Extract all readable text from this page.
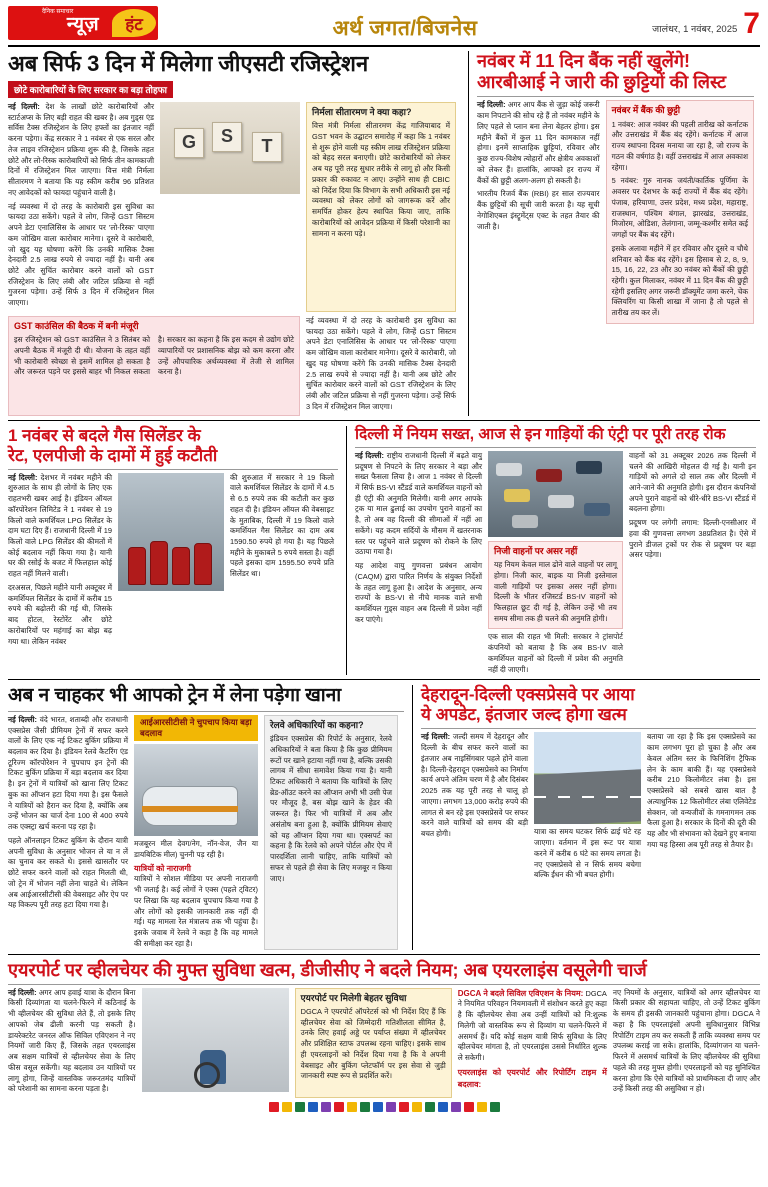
दैनिक समाचार
न्यूज़	हंट	अर्थ जगत/बिजनेस	जालंधर, 1 नवंबर, 2025 7
अब सिर्फ 3 दिन में मिलेगा जीएसटी रजिस्ट्रेशन
छोटे कारोबारियों के लिए सरकार का बड़ा तोहफा

नई दिल्ली: देश के लाखों छोटे कारोबारियों और स्टार्टअप्स के लिए बड़ी राहत की खबर है। अब गुड्स एंड सर्विस टैक्स रजिस्ट्रेशन के लिए हफ्तों का इंतजार नहीं करना पड़ेगा। केंद्र सरकार ने 1 नवंबर से एक सरल और तेज लाइव रजिस्ट्रेशन प्रक्रिया शुरू की है, जिसके तहत छोटे और लो-रिस्क कारोबारियों को सिर्फ तीन कामकाजी दिनों में रजिस्ट्रेशन मिल जाएगा। वित्त मंत्री निर्मला सीतारमण ने बताया कि यह स्कीम करीब 96 प्रतिशत नए आवेदकों को फायदा पहुंचाने वाली है।

नई व्यवस्था में दो तरह के कारोबारी इस सुविधा का फायदा उठा सकेंगे। पहले वे लोग, जिन्हें GST सिस्टम अपने डेटा एनालिसिस के आधार पर 'लो-रिस्क' पाएगा कम जोखिम वाला कारोबार मानेगा। दूसरे वे कारोबारी, जो खुद यह घोषणा करेंगे कि उनकी मासिक टैक्स देनदारी 2.5 लाख रुपये से ज्यादा नहीं है। यानी अब छोटे और सुचिंत कारोबार करने वालों को GST रजिस्ट्रेशन के लिए लंबी और जटिल प्रक्रिया से नहीं गुजरना पड़ेगा। उन्हें सिर्फ 3 दिन में रजिस्ट्रेशन मिल जाएगा।

G	S	T
निर्मला सीतारमण ने क्या कहा?
वित्त मंत्री निर्मला सीतारमण केंद्र गाजियाबाद में GST भवन के उद्घाटन समारोह में कहा कि 1 नवंबर से शुरू होने वाली यह स्कीम लाख रजिस्ट्रेशन प्रक्रिया को बेहद सरल बनाएगी। छोटे कारोबारियों को लेकर अब यह पूरी तरह सुधार तरीके से लागू हो और किसी प्रकार की रुकावट न आए। उन्होंने साथ ही CBIC को निर्देश दिया कि विभाग के सभी अधिकारी इस नई व्यवस्था को लेकर लोगों को जागरूक करें और समर्पित होकर हेल्प स्थापित किया जाए, ताकि कारोबारियों को आवेदन प्रक्रिया में किसी परेशानी का सामना न करना पड़े।
GST काउंसिल की बैठक में बनी मंजूरी
इस रजिस्ट्रेशन को GST काउंसिल ने 3 सितंबर को अपनी बैठक में मंजूरी दी थी। योजना के तहत वहीं भी कारोबारी स्वेच्छा से इसमें शामिल हो सकता है और जरूरत पड़ने पर इससे बाहर भी निकल सकता है। सरकार का कहना है कि इस कदम से उद्योग छोटे व्यापारियों पर प्रशासनिक बोझ को कम करना और उन्हें औपचारिक अर्थव्यवस्था में तेजी से शामिल करना है।

नई व्यवस्था में दो तरह के कारोबारी इस सुविधा का फायदा उठा सकेंगे। पहले वे लोग, जिन्हें GST सिस्टम अपने डेटा एनालिसिस के आधार पर 'लो-रिस्क' पाएगा कम जोखिम वाला कारोबार मानेगा। दूसरे वे कारोबारी, जो खुद यह घोषणा करेंगे कि उनकी मासिक टैक्स देनदारी 2.5 लाख रुपये से ज्यादा नहीं है। यानी अब छोटे और सुचिंत कारोबार करने वालों को GST रजिस्ट्रेशन के लिए लंबी और जटिल प्रक्रिया से नहीं गुजरना पड़ेगा। उन्हें सिर्फ 3 दिन में रजिस्ट्रेशन मिल जाएगा।

नवंबर में 11 दिन बैंक नहीं खुलेंगे!
आरबीआई ने जारी की छुट्टियों की लिस्ट

नई दिल्ली: अगर आप बैंक से जुड़ा कोई जरूरी काम निपटाने की सोच रहे हैं तो नवंबर महीने के लिए पहले से प्लान बना लेना बेहतर होगा। इस महीने बैंकों में कुल 11 दिन कामकाज नहीं होगा। इनमें साप्ताहिक छुट्टियां, रविवार और कुछ राज्य-विशेष त्योहारों और क्षेत्रीय अवकाशों को लेकर हैं। हालांकि, आपको हर राज्य में बैंकों की छुट्टी अलग-अलग हो सकती है।

भारतीय रिजर्व बैंक (RBI) हर साल राज्यवार बैंक छुट्टियों की सूची जारी करता है। यह सूची नेगोशिएबल इंस्ट्रूमेंट्स एक्ट के तहत तैयार की जाती है।

नवंबर में बैंक की छुट्टी
1 नवंबर: आज नवंबर की पहली तारीख को कर्नाटक और उत्तराखंड में बैंक बंद रहेंगे। कर्नाटक में आज राज्य स्थापना दिवस मनाया जा रहा है, जो राज्य के गठन की वर्षगांठ है। वहीं उत्तराखंड में आज अवकाश रहेगा।
5 नवंबर: गुरु नानक जयंती/कार्तिक पूर्णिमा के अवसर पर देशभर के कई राज्यों में बैंक बंद रहेंगे। पंजाब, हरियाणा, उत्तर प्रदेश, मध्य प्रदेश, महाराष्ट्र, राजस्थान, पश्चिम बंगाल, झारखंड, उत्तराखंड, मिजोरम, ओडिशा, तेलंगाना, जम्मू-कश्मीर समेत कई जगहों पर बैंक बंद रहेंगे।
इसके अलावा महीने में हर रविवार और दूसरे व चौथे शनिवार को बैंक बंद रहेंगे। इस हिसाब से 2, 8, 9, 15, 16, 22, 23 और 30 नवंबर को बैंकों की छुट्टी रहेगी। कुल मिलाकर, नवंबर में 11 दिन बैंक की छुट्टी रहेगी इसलिए अगर जरूरी डॉक्यूमेंट जमा करने, चेक क्लियरिंग या किसी शाखा में जाना है तो पहले से तारीख तय कर लें।
1 नवंबर से बदले गैस सिलेंडर के
रेट, एलपीजी के दामों में हुई कटौती

नई दिल्ली: देशभर में नवंबर महीने की शुरुआत के साथ ही लोगों के लिए एक राहतभरी खबर आई है। इंडियन ऑयल कॉरपोरेशन लिमिटेड ने 1 नवंबर से 19 किलो वाले कमर्शियल LPG सिलेंडर के दाम घटा दिए हैं। राजधानी दिल्ली में 19 किलो वाले LPG सिलेंडर की कीमतों में कोई बदलाव नहीं किया गया है। यानी घर की रसोई के बजट में फिलहाल कोई राहत नहीं मिलने वाली।

दरअसल, पिछले महीने यानी अक्टूबर में कमर्शियल सिलेंडर के दामों में करीब 15 रुपये की बढ़ोतरी की गई थी, जिसके बाद होटल, रेस्टोरेंट और छोटे कारोबारियों पर महंगाई का बोझ बढ़ गया था। लेकिन नवंबर

की शुरुआत में सरकार ने 19 किलो वाले कमर्शियल सिलेंडर के दामों में 4.5 से 6.5 रुपये तक की कटौती कर कुछ राहत दी है। इंडियन ऑयल की वेबसाइट के मुताबिक, दिल्ली में 19 किलो वाले कमर्शियल गैस सिलेंडर का दाम अब 1590.50 रुपये हो गया है। यह पिछले महीने के मुकाबले 5 रुपये सस्ता है। वहीं पहले इसका दाम 1595.50 रुपये प्रति सिलेंडर था।

दिल्ली में नियम सख्त, आज से इन गाड़ियों की एंट्री पर पूरी तरह रोक

नई दिल्ली: राष्ट्रीय राजधानी दिल्ली में बढ़ते वायु प्रदूषण से निपटने के लिए सरकार ने बड़ा और सख्त फैसला लिया है। आज 1 नवंबर से दिल्ली में सिर्फ BS-VI स्टैंडर्ड वाले कमर्शियल वाहनों को ही एंट्री की अनुमति मिलेगी। यानी अगर आपके ट्रक या माल ढुलाई का उपयोग पुराने वाहनों का है, तो अब वह दिल्ली की सीमाओं में नहीं आ सकेंगे। यह कदम सर्दियों के मौसम में खतरनाक स्तर पर पहुंचने वाले प्रदूषण को रोकने के लिए उठाया गया है।

यह आदेश वायु गुणवत्ता प्रबंधन आयोग (CAQM) द्वारा पारित निर्णय के संयुक्त निर्देशों के तहत लागू हुआ है। आदेश के अनुसार, अन्य राज्यों के BS-VI से नीचे मानक वाले सभी कमर्शियल गुड्स वाहन अब दिल्ली में प्रवेश नहीं कर पाएंगे।

निजी वाहनों पर असर नहीं
यह नियम केवल माल ढोने वाले वाहनों पर लागू होगा। निजी कार, बाइक या निजी इस्तेमाल वाली गाड़ियों पर इसका असर नहीं होगा। दिल्ली के भीतर रजिस्टर्ड BS-IV वाहनों को फिलहाल छूट दी गई है, लेकिन उन्हें भी तय समय सीमा तक ही चलने की अनुमति होगी।
एक साल की राहत भी मिली: सरकार ने ट्रांसपोर्ट कंपनियों को बताया है कि अब BS-IV वाले कमर्शियल वाहनों को दिल्ली में प्रवेश की अनुमति नहीं दी जाएगी।

वाहनों को 31 अक्टूबर 2026 तक दिल्ली में चलने की आखिरी मोहलत दी गई है। यानी इन गाड़ियों को अगले दो साल तक और दिल्ली में आने-जाने की अनुमति होगी। इस दौरान कंपनियों अपने पुराने वाहनों को धीरे-धीरे BS-VI स्टैंडर्ड में बदलना होगा।

प्रदूषण पर लगेगी लगाम: दिल्ली-एनसीआर में हवा की गुणवत्ता लगभग 38प्रतिशत है। ऐसे में पुराने डीजल ट्रकों पर रोक से प्रदूषण पर बड़ा असर पड़ेगा।

अब न चाहकर भी आपको ट्रेन में लेना पड़ेगा खाना

नई दिल्ली: वंदे भारत, शताब्दी और राजधानी एक्सप्रेस जैसी प्रीमियम ट्रेनों में सफर करने वालों के लिए एक नई टिकट बुकिंग प्रक्रिया में बदलाव कर दिया है। इंडियन रेलवे कैटरिंग एंड टूरिज्म कॉरपोरेशन ने चुपचाप इन ट्रेनों की टिकट बुकिंग प्रक्रिया में बड़ा बदलाव कर दिया है। इन ट्रेनों में यात्रियों को खाना लिए टिकट बुक का ऑप्शन हटा दिया गया है। इस फैसले ने यात्रियों को हैरान कर दिया है, क्योंकि अब उन्हें भोजन का चार्ज देना 100 से 400 रुपये तक एक्स्ट्रा खर्च करना पड़ रहा है।

पहले ऑनलाइन टिकट बुकिंग के दौरान यात्री अपनी सुविधा के अनुसार भोजन ले या न लें का चुनाव कर सकते थे। इससे खासतौर पर छोटे सफर करने वालों को राहत मिलती थी, जो ट्रेन में भोजन नहीं लेना चाहते थे। लेकिन अब आईआरसीटीसी की वेबसाइट और ऐप पर यह विकल्प पूरी तरह हटा दिया गया है।

आईआरसीटीसी ने चुपचाप किया बड़ा बदलाव
मजबूरन मील देवग/नेग, नॉन-वेज, जैन या डायबिटिक मील) चुननी पड़ रही है।
यात्रियों को नाराजगी
यात्रियों ने सोशल मीडिया पर अपनी नाराजगी भी जताई है। कई लोगों ने एक्स (पहले ट्विटर) पर लिखा कि यह बदलाव चुपचाप किया गया है और लोगों को इसकी जानकारी तक नहीं दी गई। यह मामला रेल मंत्रालय तक भी पहुंचा है। इसके जवाब में रेलवे ने कहा है कि वह मामले की समीक्षा कर रहा है।
रेलवे अधिकारियों का कहना?
इंडियन एक्सप्रेस की रिपोर्ट के अनुसार, रेलवे अधिकारियों ने बता किया है कि कुछ प्रीमियम रूटों पर खाने हटाया नहीं गया है, बल्कि उसकी लागब में सीधा समावेश किया गया है। यानी टिकट अधिकारी ने बताया कि यात्रियों के लिए ब्रेड-ऑउट करने का ऑप्शन अभी भी उसी पेज पर मौजूद है, बस बोझ खाने के हेडर की जरूरत है। फिर भी यात्रियों में अब और असंतोष बना हुआ है, क्योंकि प्रीमियम सेवाएं को यह ऑप्शन दिया गया था। एक्सपर्ट का कहना है कि रेलवे को अपने पोर्टल और ऐप में पारदर्शिता लानी चाहिए, ताकि यात्रियों को सफर से पहले ही सेवा के लिए मजबूर न किया जाए।
देहरादून-दिल्ली एक्सप्रेसवे पर आया
ये अपडेट, इंतजार जल्द होगा खत्म

नई दिल्ली: जल्दी समय में देहरादून और दिल्ली के बीच सफर करने वालों का इंतजार अब नाइसिंगबार पहले होने वाला है। दिल्ली-देहरादून एक्सप्रेसवे का निर्माण कार्य अपने अंतिम चरण में है और दिसंबर 2025 तक यह पूरी तरह से चालू हो जाएगा। लगभग 13,000 करोड़ रुपये की लागत से बन रहे इस एक्सप्रेसवे पर सफर करने वाले यात्रियों को समय की बड़ी बचत होगी।	यात्रा का समय घटकर सिर्फ ढाई घंटे रह जाएगा। वर्तमान में इस रूट पर यात्रा करने में करीब 6 घंटे का समय लगता है। नए एक्सप्रेसवे से न सिर्फ समय बचेगा बल्कि ईंधन की भी बचत होगी।

बताया जा रहा है कि इस एक्सप्रेसवे का काम लगभग पूरा हो चुका है और अब केवल अंतिम स्तर के फिनिशिंग ट्रैफिक लेन के काम बाकी हैं। यह एक्सप्रेसवे करीब 210 किलोमीटर लंबा है। इस एक्सप्रेसवे को सबसे खास बात है अत्याधुनिक 12 किलोमीटर लंबा एलिवेटेड सेक्शन, जो वन्यजीवों के गमनागमन तक फैला हुआ है। सरकार के दिनों की दूरी की यह और भी संभावना को देखने हुए बनाया गया यह हिस्सा अब पूरी तरह से तैयार है।

एयरपोर्ट पर व्हीलचेयर की मुफ्त सुविधा खत्म, डीजीसीए ने बदले नियम; अब एयरलाइंस वसूलेगी चार्ज

नई दिल्ली: अगर आप हवाई यात्रा के दौरान बिना किसी दिव्यांगता या चलने-फिरने में कठिनाई के भी व्हीलचेयर की सुविधा लेते हैं, तो इसके लिए आपको जेब ढीली करनी पड़ सकती है। डायरेक्टरेट जनरल ऑफ सिविल एविएशन ने नए नियमों जारी किए हैं, जिसके तहत एयरलाइंस अब सक्षम यात्रियों से व्हीलचेयर सेवा के लिए फीस वसूल सकेंगी। यह बदलाव उन यात्रियों पर लागू होगा, जिन्हें वास्तविक जरूरतमंद यात्रियों को परेशानी का सामना करना पड़ता है।

एयरपोर्ट पर मिलेगी बेहतर सुविधा
DGCA ने एयरपोर्ट ऑपरेटर्स को भी निर्देश दिए हैं कि व्हीलचेयर सेवा को जिम्मेदारी गतिशीलता सीमित है, उनके लिए हवाई अड्डे पर पर्याप्त संख्या में व्हीलचेयर और प्रशिक्षित स्टाफ उपलब्ध रहना चाहिए। इसके साथ ही एयरलाइनों को निर्देश दिया गया है कि वे अपनी वेबसाइट और बुकिंग प्लेटफॉर्म पर इस सेवा से जुड़ी जानकारी स्पष्ट रूप से प्रदर्शित करें।

DGCA ने बदले सिविल एविएशन के नियम: DGCA ने नियमित परिवहन नियमावली में संशोधन करते हुए कहा है कि व्हीलचेयर सेवा अब उन्हीं यात्रियों को नि:शुल्क मिलेगी जो वास्तविक रूप से दिव्यांग या चलने-फिरने में असमर्थ हैं। यदि कोई सक्षम यात्री सिर्फ सुविधा के लिए व्हीलचेयर मांगता है, तो एयरलाइंस उससे निर्धारित शुल्क ले सकेगी।

एयरलाइंस को एयरपोर्ट और रिपोर्टिंग टाइम में बदलाव:

नए नियमों के अनुसार, यात्रियों को अगर व्हीलचेयर या किसी प्रकार की सहायता चाहिए, तो उन्हें टिकट बुकिंग के समय ही इसकी जानकारी पहुंचाना होगा। DGCA ने कहा है कि एयरलाइंसों अपनी सुविधानुसार विभिन्न रिपोर्टिंग टाइम तय कर सकती हैं ताकि व्यवस्था समय पर उपलब्ध कराई जा सके। हालांकि, दिव्यांगजन या चलने-फिरने में असमर्थ यात्रियों के लिए व्हीलचेयर की सुविधा पहले की तरह मुफ्त होगी। एयरलाइनों को यह सुनिश्चित करना होगा कि ऐसे यात्रियों को प्राथमिकता दी जाए और उन्हें किसी तरह की असुविधा न हो।
